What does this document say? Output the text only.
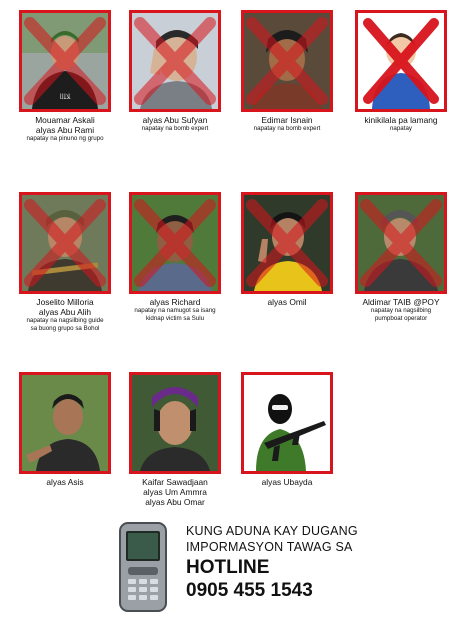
ﻼﻠﻟﺍ
Mouamar Askali
alyas Abu Rami
napatay na pinuno ng grupo
alyas Abu Sufyan
napatay na bomb expert
Edimar Isnain
napatay na bomb expert
kinikilala pa lamang
napatay
Joselito Milloria
alyas Abu Alih
napatay na nagsilbing guide
sa buong grupo sa Bohol
alyas Richard
napatay na namugot sa isang
kidnap victim sa Sulu
alyas Omil	Aldimar TAIB @POY
napatay na nagsilbing
pumpboat operator
alyas Asis	Kaifar Sawadjaan
alyas Um Ammra
alyas Abu Omar
alyas Ubayda
KUNG ADUNA KAY DUGANG
IMPORMASYON TAWAG SA
HOTLINE
0905 455 1543
